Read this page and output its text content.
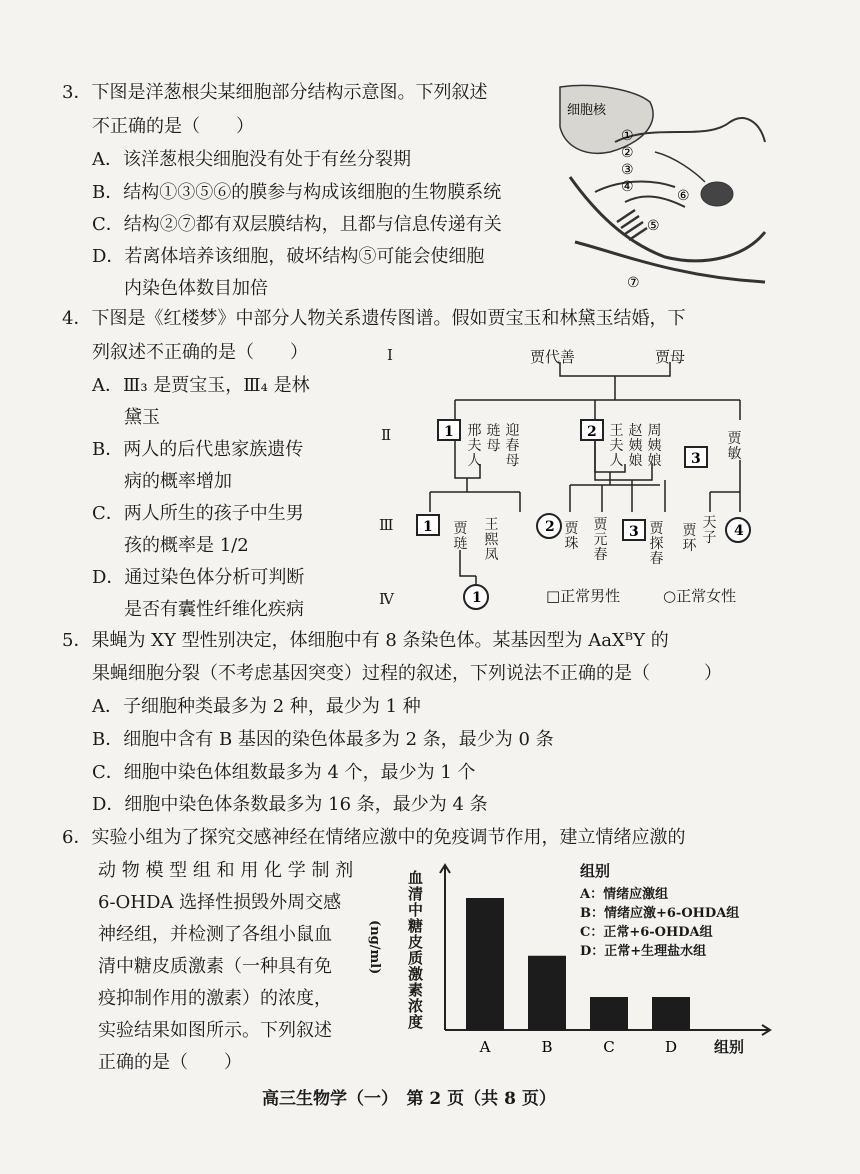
3．下图是洋葱根尖某细胞部分结构示意图。下列叙述
不正确的是（　　）
A．该洋葱根尖细胞没有处于有丝分裂期
B．结构①③⑤⑥的膜参与构成该细胞的生物膜系统
C．结构②⑦都有双层膜结构，且都与信息传递有关
D．若离体培养该细胞，破坏结构⑤可能会使细胞
内染色体数目加倍
细胞核
①
②
③
④
⑤
⑥
⑦
4．下图是《红楼梦》中部分人物关系遗传图谱。假如贾宝玉和林黛玉结婚，下
列叙述不正确的是（　　）
A．Ⅲ₃ 是贾宝玉，Ⅲ₄ 是林
黛玉
B．两人的后代患家族遗传
病的概率增加
C．两人所生的孩子中生男
孩的概率是 1/2
D．通过染色体分析可判断
是否有囊性纤维化疾病
1	2
3
1	2	3	4
1
Ⅰ
Ⅱ
Ⅲ
Ⅳ
贾代善	贾母
邢夫人
琏母
迎春母
王夫人
赵姨娘
周姨娘
贾敏
贾琏
王熙凤
贾珠
贾元春
贾探春
贾环
天子
□正常男性	○正常女性
5．果蝇为 XY 型性别决定，体细胞中有 8 条染色体。某基因型为 AaXᴮY 的
果蝇细胞分裂（不考虑基因突变）过程的叙述，下列说法不正确的是（　　　）
A．子细胞种类最多为 2 种，最少为 1 种
B．细胞中含有 B 基因的染色体最多为 2 条，最少为 0 条
C．细胞中染色体组数最多为 4 个，最少为 1 个
D．细胞中染色体条数最多为 16 条，最少为 4 条
6．实验小组为了探究交感神经在情绪应激中的免疫调节作用，建立情绪应激的
动 物 模 型 组 和 用 化 学 制 剂
6-OHDA 选择性损毁外周交感
神经组，并检测了各组小鼠血
清中糖皮质激素（一种具有免
疫抑制作用的激素）的浓度，
实验结果如图所示。下列叙述
正确的是（　　）
A	B	C	D
血清中糖皮质激素浓度
(ng/ml)
组别
A：情绪应激组
B：情绪应激+6-OHDA组
C：正常+6-OHDA组
D：正常+生理盐水组
组别
高三生物学（一）　第 2 页（共 8 页）
